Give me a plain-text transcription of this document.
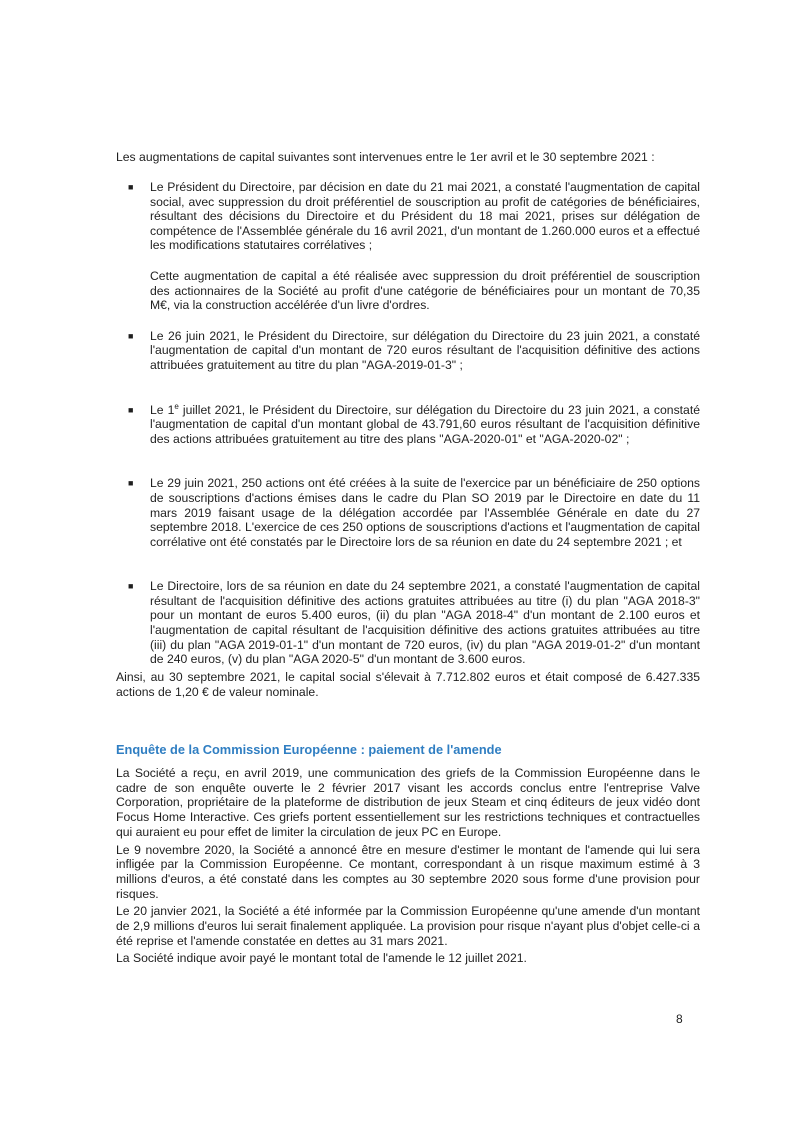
Les augmentations de capital suivantes sont intervenues entre le 1er avril et le 30 septembre 2021 :

■ Le Président du Directoire, par décision en date du 21 mai 2021, a constaté l'augmentation de capital social, avec suppression du droit préférentiel de souscription au profit de catégories de bénéficiaires, résultant des décisions du Directoire et du Président du 18 mai 2021, prises sur délégation de compétence de l'Assemblée générale du 16 avril 2021, d'un montant de 1.260.000 euros et a effectué les modifications statutaires corrélatives ;

Cette augmentation de capital a été réalisée avec suppression du droit préférentiel de souscription des actionnaires de la Société au profit d'une catégorie de bénéficiaires pour un montant de 70,35 M€, via la construction accélérée d'un livre d'ordres.

■ Le 26 juin 2021, le Président du Directoire, sur délégation du Directoire du 23 juin 2021, a constaté l'augmentation de capital d'un montant de 720 euros résultant de l'acquisition définitive des actions attribuées gratuitement au titre du plan "AGA-2019-01-3" ;

■ Le 1e juillet 2021, le Président du Directoire, sur délégation du Directoire du 23 juin 2021, a constaté l'augmentation de capital d'un montant global de 43.791,60 euros résultant de l'acquisition définitive des actions attribuées gratuitement au titre des plans "AGA-2020-01" et "AGA-2020-02" ;

■ Le 29 juin 2021, 250 actions ont été créées à la suite de l'exercice par un bénéficiaire de 250 options de souscriptions d'actions émises dans le cadre du Plan SO 2019 par le Directoire en date du 11 mars 2019 faisant usage de la délégation accordée par l'Assemblée Générale en date du 27 septembre 2018. L'exercice de ces 250 options de souscriptions d'actions et l'augmentation de capital corrélative ont été constatés par le Directoire lors de sa réunion en date du 24 septembre 2021 ; et

■ Le Directoire, lors de sa réunion en date du 24 septembre 2021, a constaté l'augmentation de capital résultant de l'acquisition définitive des actions gratuites attribuées au titre (i) du plan "AGA 2018-3" pour un montant de euros 5.400 euros, (ii) du plan "AGA 2018-4" d'un montant de 2.100 euros et l'augmentation de capital résultant de l'acquisition définitive des actions gratuites attribuées au titre (iii) du plan "AGA 2019-01-1" d'un montant de 720 euros, (iv) du plan "AGA 2019-01-2" d'un montant de 240 euros, (v) du plan "AGA 2020-5" d'un montant de 3.600 euros.

Ainsi, au 30 septembre 2021, le capital social s'élevait à 7.712.802 euros et était composé de 6.427.335 actions de 1,20 € de valeur nominale.

Enquête de la Commission Européenne : paiement de l'amende

La Société a reçu, en avril 2019, une communication des griefs de la Commission Européenne dans le cadre de son enquête ouverte le 2 février 2017 visant les accords conclus entre l'entreprise Valve Corporation, propriétaire de la plateforme de distribution de jeux Steam et cinq éditeurs de jeux vidéo dont Focus Home Interactive. Ces griefs portent essentiellement sur les restrictions techniques et contractuelles qui auraient eu pour effet de limiter la circulation de jeux PC en Europe.

Le 9 novembre 2020, la Société a annoncé être en mesure d'estimer le montant de l'amende qui lui sera infligée par la Commission Européenne. Ce montant, correspondant à un risque maximum estimé à 3 millions d'euros, a été constaté dans les comptes au 30 septembre 2020 sous forme d'une provision pour risques.

Le 20 janvier 2021, la Société a été informée par la Commission Européenne qu'une amende d'un montant de 2,9 millions d'euros lui serait finalement appliquée. La provision pour risque n'ayant plus d'objet celle-ci a été reprise et l'amende constatée en dettes au 31 mars 2021.

La Société indique avoir payé le montant total de l'amende le 12 juillet 2021.

8
